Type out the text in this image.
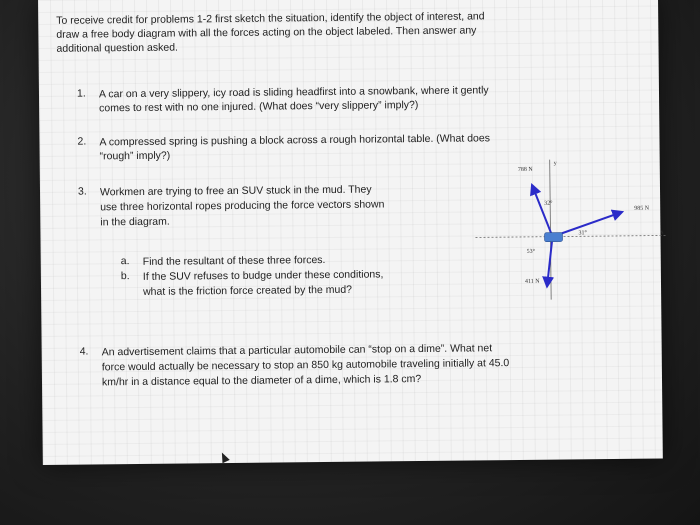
To receive credit for problems 1-2 first sketch the situation, identify the object of interest, and
draw a free body diagram with all the forces acting on the object labeled. Then answer any
additional question asked.
1. A car on a very slippery, icy road is sliding headfirst into a snowbank, where it gently
comes to rest with no one injured. (What does “very slippery” imply?)
2. A compressed spring is pushing a block across a rough horizontal table. (What does
“rough” imply?)
3. Workmen are trying to free an SUV stuck in the mud. They
use three horizontal ropes producing the force vectors shown
in the diagram.
a. Find the resultant of these three forces.
b. If the SUV refuses to budge under these conditions,
what is the friction force created by the mud?
4. An advertisement claims that a particular automobile can “stop on a dime”. What net
force would actually be necessary to stop an 850 kg automobile traveling initially at 45.0
km/hr in a distance equal to the diameter of a dime, which is 1.8 cm?
y
x
788 N
985 N
411 N
32°
31°
53°
